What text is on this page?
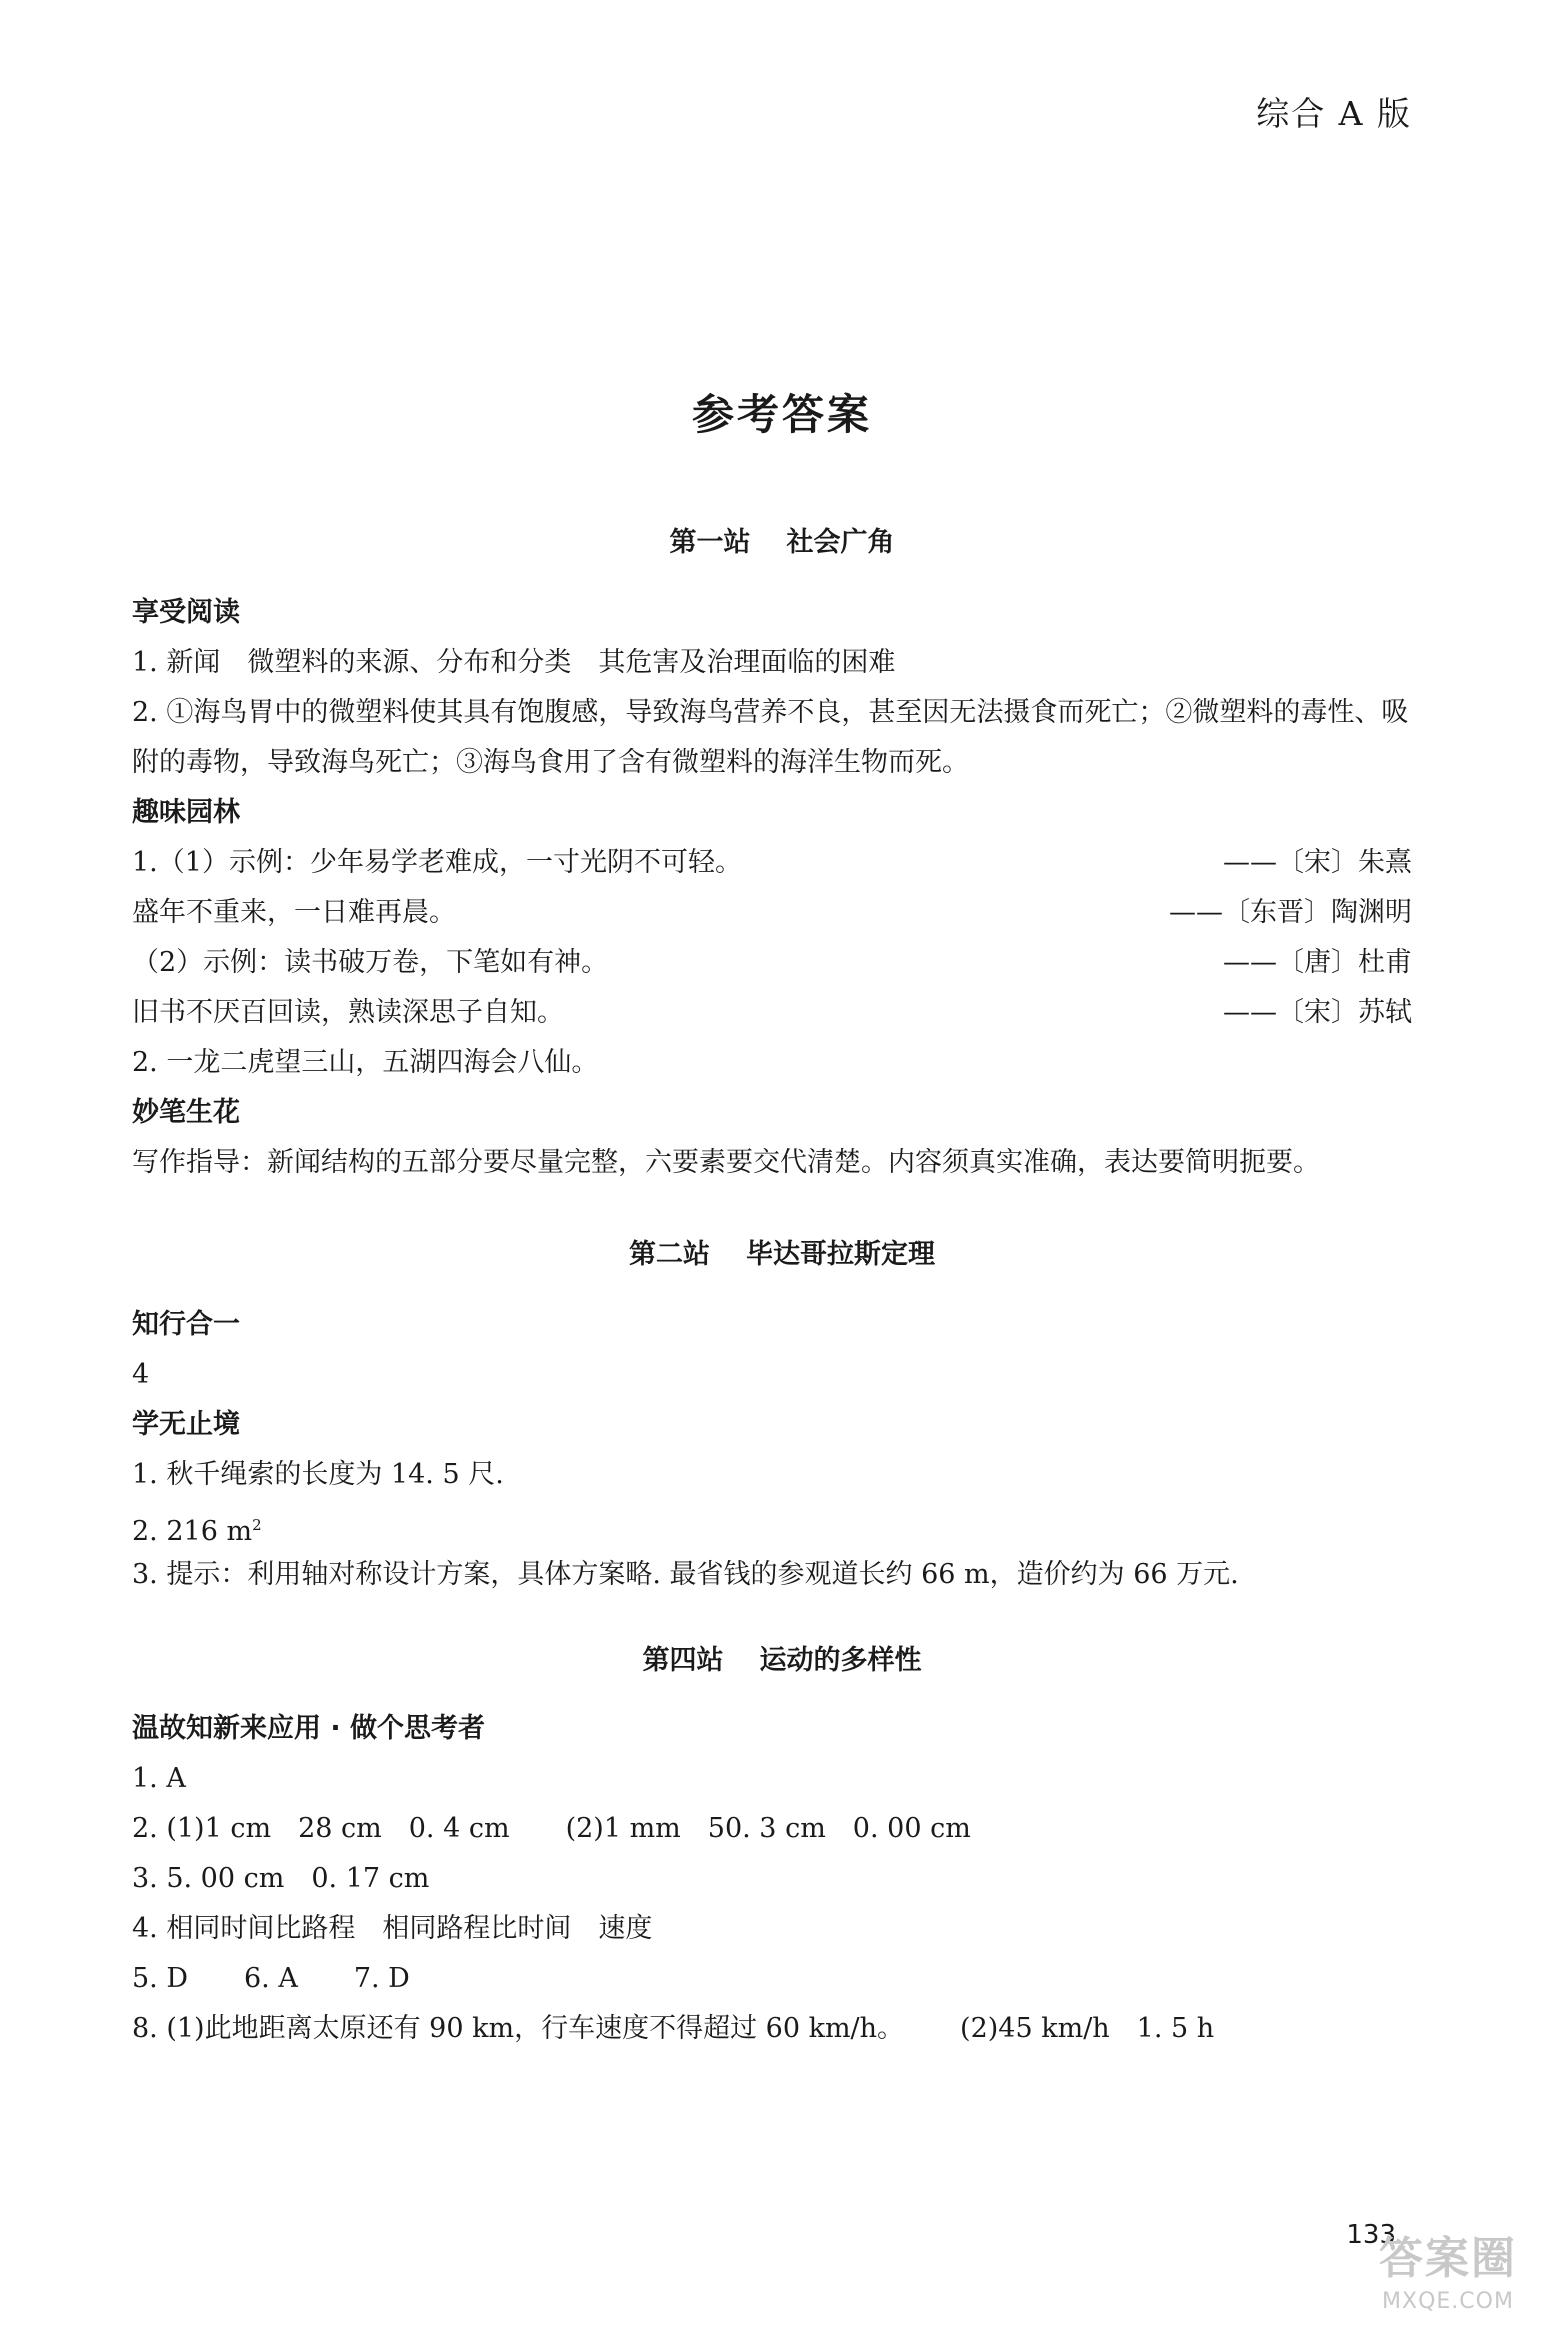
综合 A 版
参考答案
第一站 社会广角
享受阅读
1. 新闻　微塑料的来源、分布和分类　其危害及治理面临的困难
2. ①海鸟胃中的微塑料使其具有饱腹感，导致海鸟营养不良，甚至因无法摄食而死亡；②微塑料的毒性、吸附的毒物，导致海鸟死亡；③海鸟食用了含有微塑料的海洋生物而死。
趣味园林
1.（1）示例：少年易学老难成，一寸光阴不可轻。	——〔宋〕朱熹
盛年不重来，一日难再晨。	——〔东晋〕陶渊明
（2）示例：读书破万卷，下笔如有神。	——〔唐〕杜甫
旧书不厌百回读，熟读深思子自知。	——〔宋〕苏轼
2. 一龙二虎望三山，五湖四海会八仙。
妙笔生花
写作指导：新闻结构的五部分要尽量完整，六要素要交代清楚。内容须真实准确，表达要简明扼要。
第二站 毕达哥拉斯定理
知行合一
4
学无止境
1. 秋千绳索的长度为 14. 5 尺.
2. 216 $m^2$
3. 提示：利用轴对称设计方案，具体方案略. 最省钱的参观道长约 66 m，造价约为 66 万元.
第四站 运动的多样性
温故知新来应用 · 做个思考者
1. A
2. (1)1 cm　28 cm　0. 4 cm (2)1 mm　50. 3 cm　0. 00 cm
3. 5. 00 cm　0. 17 cm
4. 相同时间比路程　相同路程比时间　速度
5. D 6. A 7. D
8. (1)此地距离太原还有 90 km，行车速度不得超过 60 km/h。 (2)45 km/h　1. 5 h
133
答案圈
MXQE.COM
